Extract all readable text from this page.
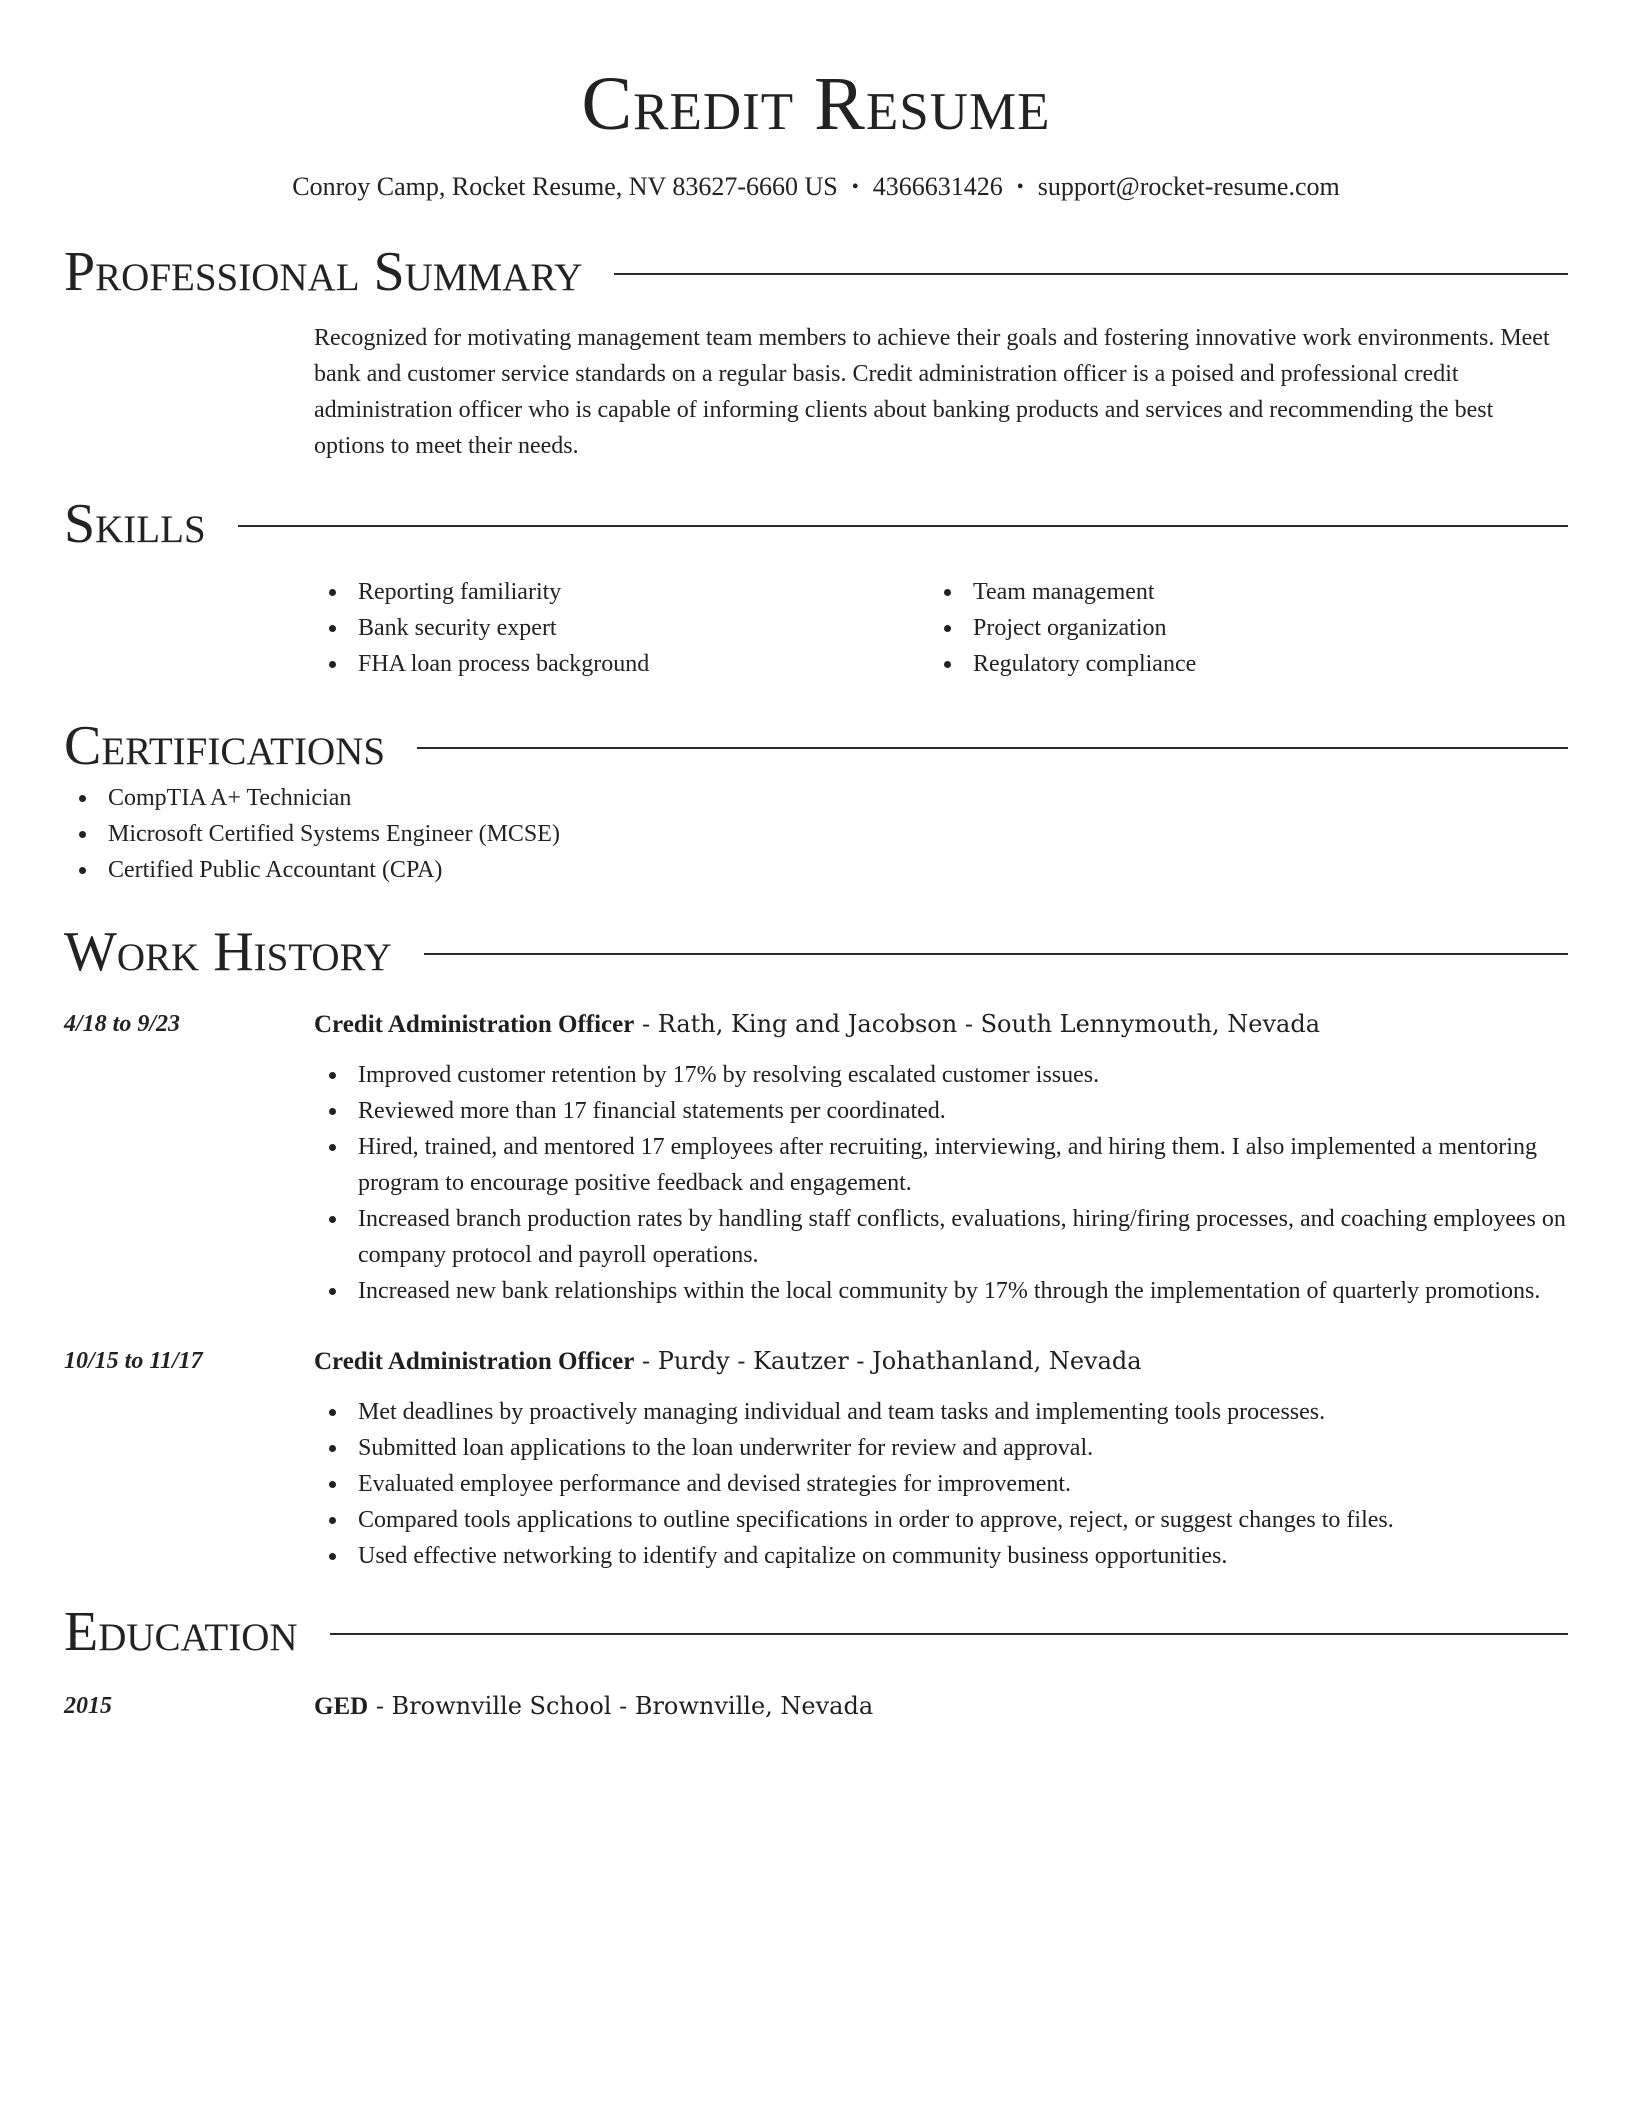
Credit Resume
Conroy Camp, Rocket Resume, NV 83627-6660 US • 4366631426 • support@rocket-resume.com
Professional Summary
Recognized for motivating management team members to achieve their goals and fostering innovative work environments. Meet bank and customer service standards on a regular basis. Credit administration officer is a poised and professional credit administration officer who is capable of informing clients about banking products and services and recommending the best options to meet their needs.
Skills
Reporting familiarity
Bank security expert
FHA loan process background
Team management
Project organization
Regulatory compliance
Certifications
CompTIA A+ Technician
Microsoft Certified Systems Engineer (MCSE)
Certified Public Accountant (CPA)
Work History
4/18 to 9/23	Credit Administration Officer - Rath, King and Jacobson - South Lennymouth, Nevada
Improved customer retention by 17% by resolving escalated customer issues.
Reviewed more than 17 financial statements per coordinated.
Hired, trained, and mentored 17 employees after recruiting, interviewing, and hiring them. I also implemented a mentoring program to encourage positive feedback and engagement.
Increased branch production rates by handling staff conflicts, evaluations, hiring/firing processes, and coaching employees on company protocol and payroll operations.
Increased new bank relationships within the local community by 17% through the implementation of quarterly promotions.
10/15 to 11/17	Credit Administration Officer - Purdy - Kautzer - Johathanland, Nevada
Met deadlines by proactively managing individual and team tasks and implementing tools processes.
Submitted loan applications to the loan underwriter for review and approval.
Evaluated employee performance and devised strategies for improvement.
Compared tools applications to outline specifications in order to approve, reject, or suggest changes to files.
Used effective networking to identify and capitalize on community business opportunities.
Education
2015	GED - Brownville School - Brownville, Nevada
